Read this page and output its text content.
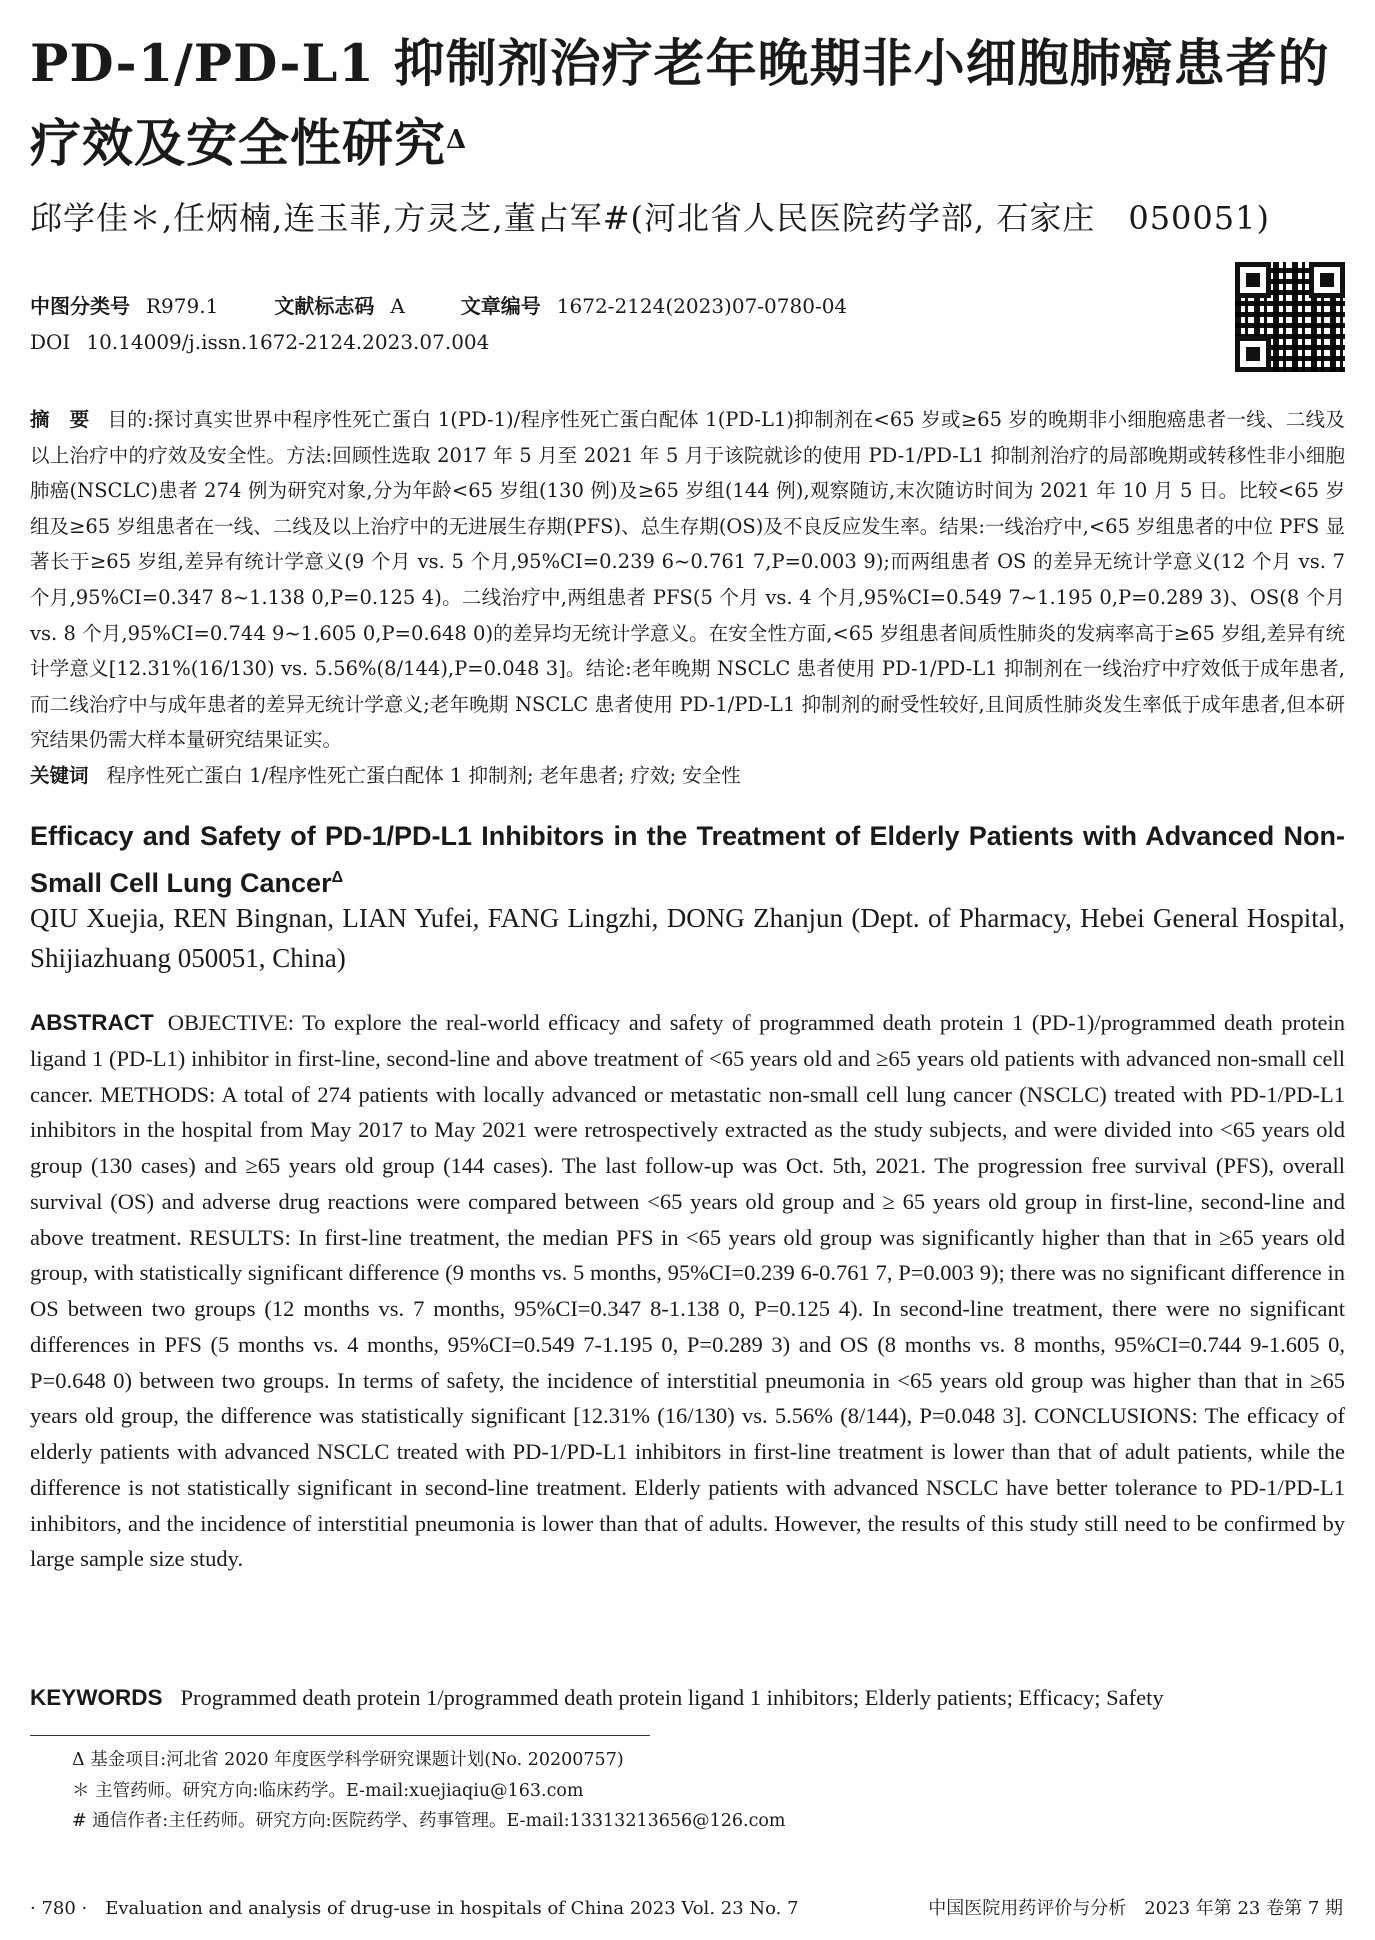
PD-1/PD-L1 抑制剂治疗老年晚期非小细胞肺癌患者的疗效及安全性研究$^\Delta$
邱学佳＊,任炳楠,连玉菲,方灵芝,董占军#(河北省人民医院药学部, 石家庄　050051)
中图分类号 R979.1	文献标志码 A	文章编号 1672-2124(2023)07-0780-04
DOI 10.14009/j.issn.1672-2124.2023.07.004
摘　要 目的:探讨真实世界中程序性死亡蛋白 1(PD-1)/程序性死亡蛋白配体 1(PD-L1)抑制剂在<65 岁或≥65 岁的晚期非小细胞癌患者一线、二线及以上治疗中的疗效及安全性。方法:回顾性选取 2017 年 5 月至 2021 年 5 月于该院就诊的使用 PD-1/PD-L1 抑制剂治疗的局部晚期或转移性非小细胞肺癌(NSCLC)患者 274 例为研究对象,分为年龄<65 岁组(130 例)及≥65 岁组(144 例),观察随访,末次随访时间为 2021 年 10 月 5 日。比较<65 岁组及≥65 岁组患者在一线、二线及以上治疗中的无进展生存期(PFS)、总生存期(OS)及不良反应发生率。结果:一线治疗中,<65 岁组患者的中位 PFS 显著长于≥65 岁组,差异有统计学意义(9 个月 vs. 5 个月,95%CI=0.239 6~0.761 7,P=0.003 9);而两组患者 OS 的差异无统计学意义(12 个月 vs. 7 个月,95%CI=0.347 8~1.138 0,P=0.125 4)。二线治疗中,两组患者 PFS(5 个月 vs. 4 个月,95%CI=0.549 7~1.195 0,P=0.289 3)、OS(8 个月 vs. 8 个月,95%CI=0.744 9~1.605 0,P=0.648 0)的差异均无统计学意义。在安全性方面,<65 岁组患者间质性肺炎的发病率高于≥65 岁组,差异有统计学意义[12.31%(16/130) vs. 5.56%(8/144),P=0.048 3]。结论:老年晚期 NSCLC 患者使用 PD-1/PD-L1 抑制剂在一线治疗中疗效低于成年患者,而二线治疗中与成年患者的差异无统计学意义;老年晚期 NSCLC 患者使用 PD-1/PD-L1 抑制剂的耐受性较好,且间质性肺炎发生率低于成年患者,但本研究结果仍需大样本量研究结果证实。
关键词 程序性死亡蛋白 1/程序性死亡蛋白配体 1 抑制剂; 老年患者; 疗效; 安全性
Efficacy and Safety of PD-1/PD-L1 Inhibitors in the Treatment of Elderly Patients with Advanced Non-Small Cell Lung Cancer$^\Delta$
QIU Xuejia, REN Bingnan, LIAN Yufei, FANG Lingzhi, DONG Zhanjun (Dept. of Pharmacy, Hebei General Hospital, Shijiazhuang 050051, China)
ABSTRACT OBJECTIVE: To explore the real-world efficacy and safety of programmed death protein 1 (PD-1)/programmed death protein ligand 1 (PD-L1) inhibitor in first-line, second-line and above treatment of <65 years old and ≥65 years old patients with advanced non-small cell cancer. METHODS: A total of 274 patients with locally advanced or metastatic non-small cell lung cancer (NSCLC) treated with PD-1/PD-L1 inhibitors in the hospital from May 2017 to May 2021 were retrospectively extracted as the study subjects, and were divided into <65 years old group (130 cases) and ≥65 years old group (144 cases). The last follow-up was Oct. 5th, 2021. The progression free survival (PFS), overall survival (OS) and adverse drug reactions were compared between <65 years old group and ≥ 65 years old group in first-line, second-line and above treatment. RESULTS: In first-line treatment, the median PFS in <65 years old group was significantly higher than that in ≥65 years old group, with statistically significant difference (9 months vs. 5 months, 95%CI=0.239 6-0.761 7, P=0.003 9); there was no significant difference in OS between two groups (12 months vs. 7 months, 95%CI=0.347 8-1.138 0, P=0.125 4). In second-line treatment, there were no significant differences in PFS (5 months vs. 4 months, 95%CI=0.549 7-1.195 0, P=0.289 3) and OS (8 months vs. 8 months, 95%CI=0.744 9-1.605 0, P=0.648 0) between two groups. In terms of safety, the incidence of interstitial pneumonia in <65 years old group was higher than that in ≥65 years old group, the difference was statistically significant [12.31% (16/130) vs. 5.56% (8/144), P=0.048 3]. CONCLUSIONS: The efficacy of elderly patients with advanced NSCLC treated with PD-1/PD-L1 inhibitors in first-line treatment is lower than that of adult patients, while the difference is not statistically significant in second-line treatment. Elderly patients with advanced NSCLC have better tolerance to PD-1/PD-L1 inhibitors, and the incidence of interstitial pneumonia is lower than that of adults. However, the results of this study still need to be confirmed by large sample size study.
KEYWORDS Programmed death protein 1/programmed death protein ligand 1 inhibitors; Elderly patients; Efficacy; Safety
Δ 基金项目:河北省 2020 年度医学科学研究课题计划(No. 20200757)
＊ 主管药师。研究方向:临床药学。E-mail:xuejiaqiu@163.com
# 通信作者:主任药师。研究方向:医院药学、药事管理。E-mail:13313213656@126.com
· 780 ·　Evaluation and analysis of drug-use in hospitals of China 2023 Vol. 23 No. 7	中国医院用药评价与分析　2023 年第 23 卷第 7 期
